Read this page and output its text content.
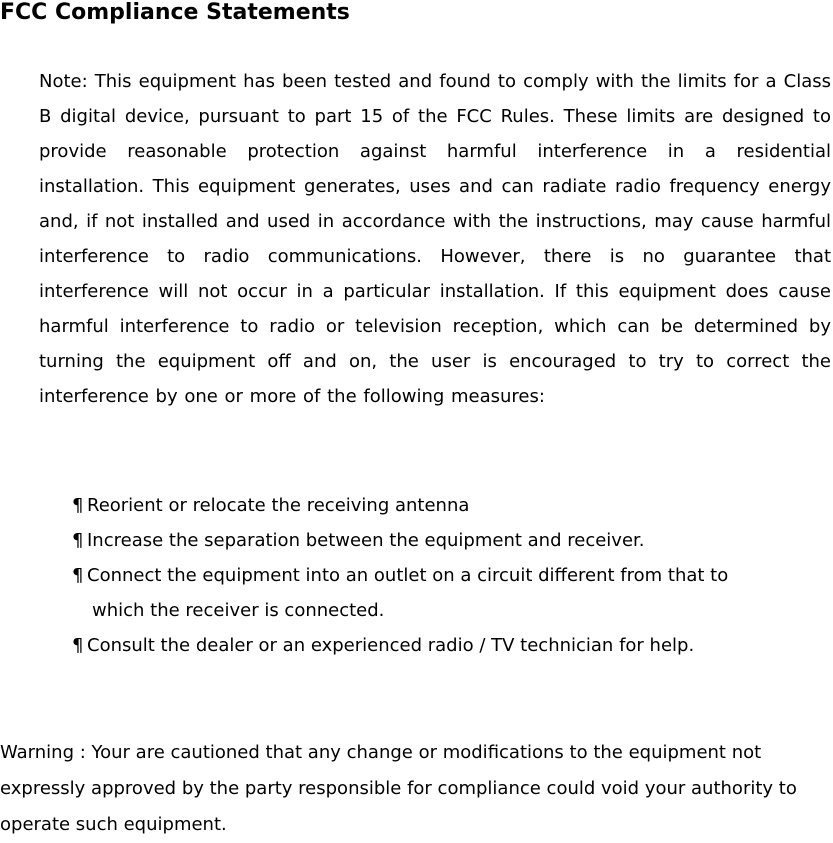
FCC Compliance Statements

Note: This equipment has been tested and found to comply with the limits for a Class B digital device, pursuant to part 15 of the FCC Rules. These limits are designed to provide reasonable protection against harmful interference in a residential installation. This equipment generates, uses and can radiate radio frequency energy and, if not installed and used in accordance with the instructions, may cause harmful interference to radio communications. However, there is no guarantee that interference will not occur in a particular installation. If this equipment does cause harmful interference to radio or television reception, which can be determined by turning the equipment off and on, the user is encouraged to try to correct the interference by one or more of the following measures:

¶ Reorient or relocate the receiving antenna
¶ Increase the separation between the equipment and receiver.
¶ Connect the equipment into an outlet on a circuit different from that to
which the receiver is connected.
¶ Consult the dealer or an experienced radio / TV technician for help.

Warning : Your are cautioned that any change or modifications to the equipment not expressly approved by the party responsible for compliance could void your authority to operate such equipment.
